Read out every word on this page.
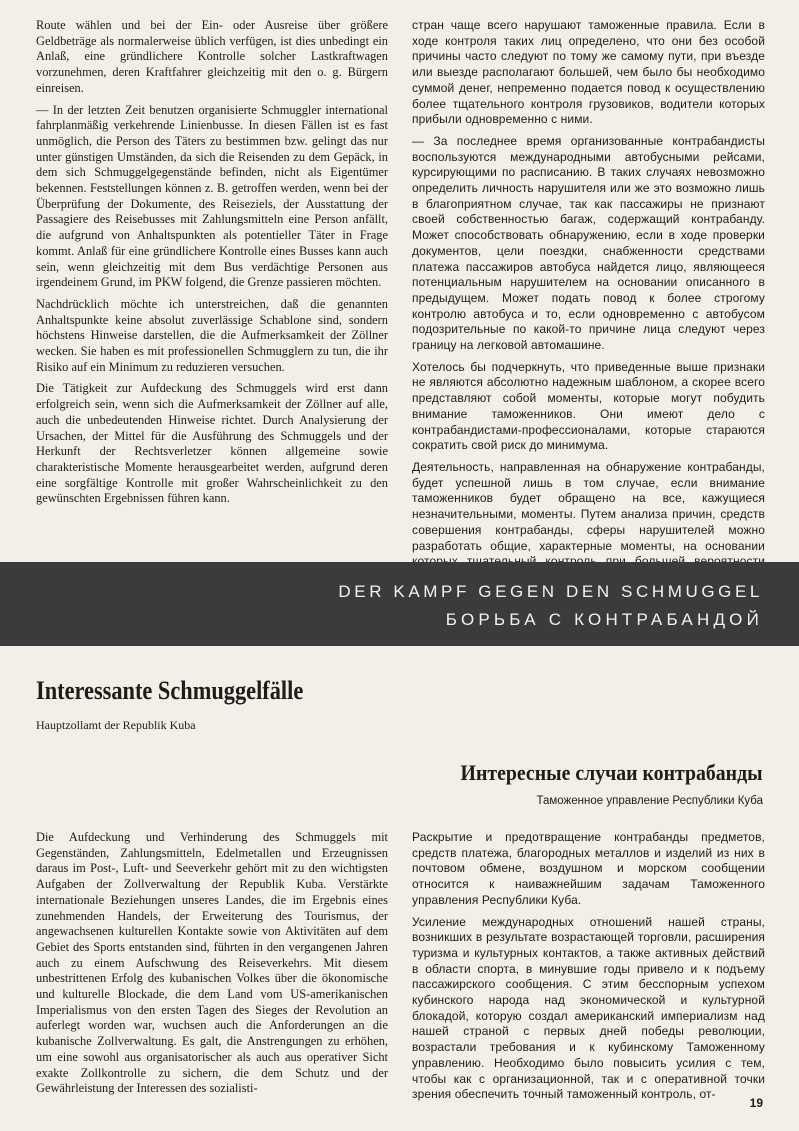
Route wählen und bei der Ein- oder Ausreise über größere Geldbeträge als normalerweise üblich verfügen, ist dies unbedingt ein Anlaß, eine gründlichere Kontrolle solcher Lastkraftwagen vorzunehmen, deren Kraftfahrer gleichzeitig mit den o. g. Bürgern einreisen.

— In der letzten Zeit benutzen organisierte Schmuggler international fahrplanmäßig verkehrende Linienbusse. In diesen Fällen ist es fast unmöglich, die Person des Täters zu bestimmen bzw. gelingt das nur unter günstigen Umständen, da sich die Reisenden zu dem Gepäck, in dem sich Schmuggelgegenstände befinden, nicht als Eigentümer bekennen. Feststellungen können z. B. getroffen werden, wenn bei der Überprüfung der Dokumente, des Reiseziels, der Ausstattung der Passagiere des Reisebusses mit Zahlungsmitteln eine Person anfällt, die aufgrund von Anhaltspunkten als potentieller Täter in Frage kommt. Anlaß für eine gründlichere Kontrolle eines Busses kann auch sein, wenn gleichzeitig mit dem Bus verdächtige Personen aus irgendeinem Grund, im PKW folgend, die Grenze passieren möchten.

Nachdrücklich möchte ich unterstreichen, daß die genannten Anhaltspunkte keine absolut zuverlässige Schablone sind, sondern höchstens Hinweise darstellen, die die Aufmerksamkeit der Zöllner wecken. Sie haben es mit professionellen Schmugglern zu tun, die ihr Risiko auf ein Minimum zu reduzieren versuchen.

Die Tätigkeit zur Aufdeckung des Schmuggels wird erst dann erfolgreich sein, wenn sich die Aufmerksamkeit der Zöllner auf alle, auch die unbedeutenden Hinweise richtet. Durch Analysierung der Ursachen, der Mittel für die Ausführung des Schmuggels und der Herkunft der Rechtsverletzer können allgemeine sowie charakteristische Momente herausgearbeitet werden, aufgrund deren eine sorgfältige Kontrolle mit großer Wahrscheinlichkeit zu den gewünschten Ergebnissen führen kann.

стран чаще всего нарушают таможенные правила. Если в ходе контроля таких лиц определено, что они без особой причины часто следуют по тому же самому пути, при въезде или выезде располагают большей, чем было бы необходимо суммой денег, непременно подается повод к осуществлению более тщательного контроля грузовиков, водители которых прибыли одновременно с ними.

— За последнее время организованные контрабандисты воспользуются международными автобусными рейсами, курсирующими по расписанию. В таких случаях невозможно определить личность нарушителя или же это возможно лишь в благоприятном случае, так как пассажиры не признают своей собственностью багаж, содержащий контрабанду. Может способствовать обнаружению, если в ходе проверки документов, цели поездки, снабженности средствами платежа пассажиров автобуса найдется лицо, являющееся потенциальным нарушителем на основании описанного в предыдущем. Может подать повод к более строгому контролю автобуса и то, если одновременно с автобусом подозрительные по какой-то причине лица следуют через границу на легковой автомашине.

Хотелось бы подчеркнуть, что приведенные выше признаки не являются абсолютно надежным шаблоном, а скорее всего представляют собой моменты, которые могут побудить внимание таможенников. Они имеют дело с контрабандистами-профессионалами, которые стараются сократить свой риск до минимума.

Деятельность, направленная на обнаружение контрабанды, будет успешной лишь в том случае, если внимание таможенников будет обращено на все, кажущиеся незначительными, моменты. Путем анализа причин, средств совершения контрабанды, сферы нарушителей можно разработать общие, характерные моменты, на основании

DER KAMPF GEGEN DEN SCHMUGGEL
БОРЬБА С КОНТРАБАНДОЙ
Interessante Schmuggelfälle

Hauptzollamt der Republik Kuba

Интересные случаи контрабанды

Таможенное управление Республики Куба

Die Aufdeckung und Verhinderung des Schmuggels mit Gegenständen, Zahlungsmitteln, Edelmetallen und Erzeugnissen daraus im Post-, Luft- und Seeverkehr gehört mit zu den wichtigsten Aufgaben der Zollverwaltung der Republik Kuba. Verstärkte internationale Beziehungen unseres Landes, die im Ergebnis eines zunehmenden Handels, der Erweiterung des Tourismus, der angewachsenen kulturellen Kontakte sowie von Aktivitäten auf dem Gebiet des Sports entstanden sind, führten in den vergangenen Jahren auch zu einem Aufschwung des Reiseverkehrs. Mit diesem unbestrittenen Erfolg des kubanischen Volkes über die ökonomische und kulturelle Blockade, die dem Land vom US-amerikanischen Imperialismus von den ersten Tagen des Sieges der Revolution an auferlegt worden war, wuchsen auch die Anforderungen an die kubanische Zollverwaltung. Es galt, die Anstrengungen zu erhöhen, um eine sowohl aus organisatorischer als auch aus operativer Sicht exakte Zollkontrolle zu sichern, die dem Schutz und der Gewährleistung der Interessen des sozialisti-

Раскрытие и предотвращение контрабанды предметов, средств платежа, благородных металлов и изделий из них в почтовом обмене, воздушном и морском сообщении относится к наиважнейшим задачам Таможенного управления Республики Куба.

Усиление международных отношений нашей страны, возникших в результате возрастающей торговли, расширения туризма и культурных контактов, а также активных действий в области спорта, в минувшие годы привело и к подъему пассажирского сообщения. С этим бесспорным успехом кубинского народа над экономической и культурной блокадой, которую создал американский империализм над нашей страной с первых дней победы революции, возрастали требования и к кубинскому Таможенному управлению. Необходимо было повысить усилия с тем, чтобы как с организационной, так и с оперативной точки зрения обеспечить точный таможенный контроль, от-

19
